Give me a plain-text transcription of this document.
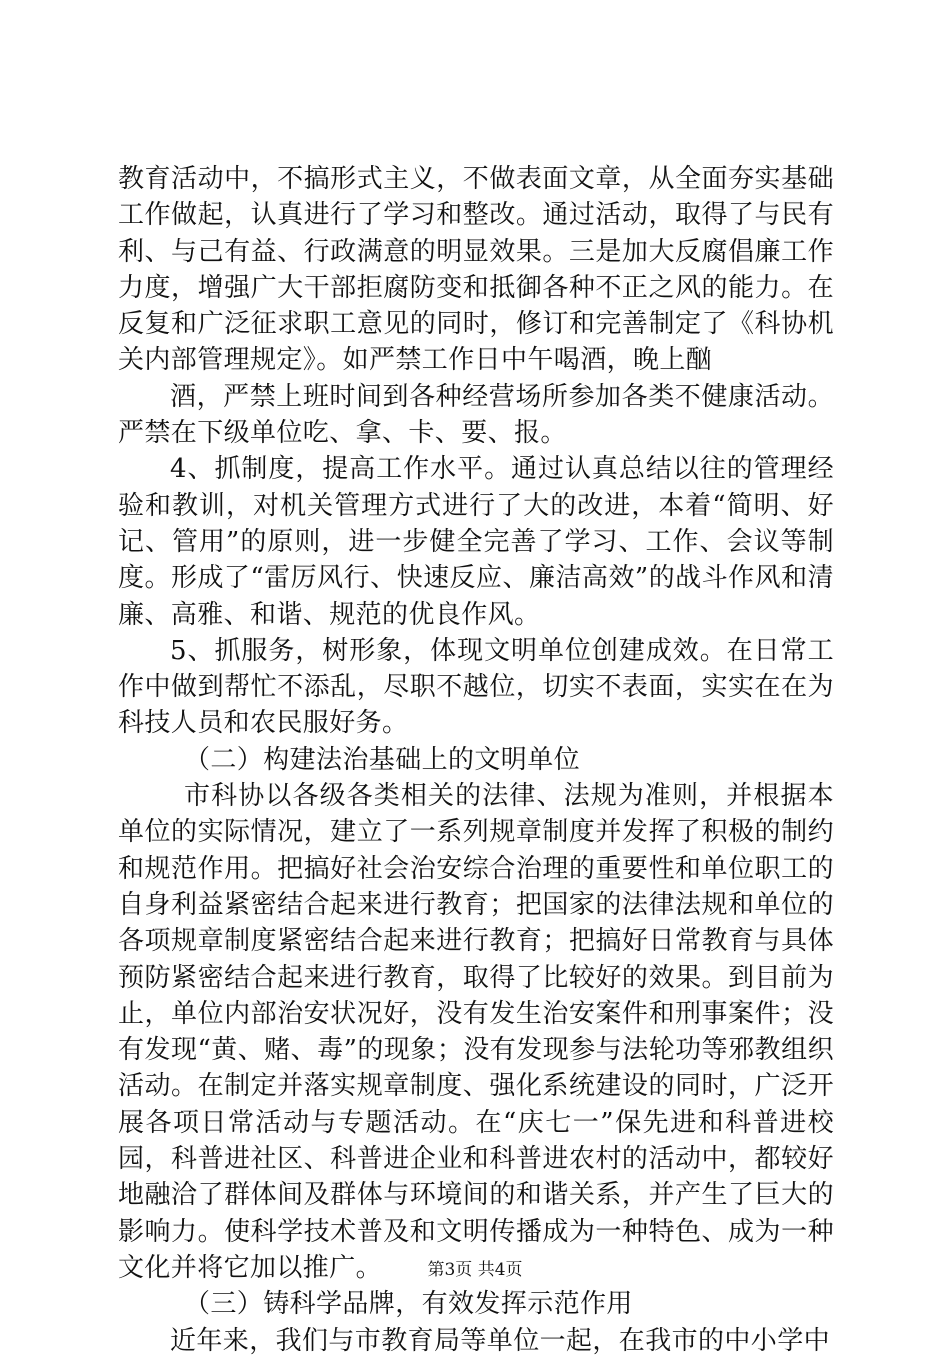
教育活动中，不搞形式主义，不做表面文章，从全面夯实基础工作做起，认真进行了学习和整改。通过活动，取得了与民有利、与己有益、行政满意的明显效果。三是加大反腐倡廉工作力度，增强广大干部拒腐防变和抵御各种不正之风的能力。在反复和广泛征求职工意见的同时，修订和完善制定了《科协机关内部管理规定》。如严禁工作日中午喝酒，晚上酗

酒，严禁上班时间到各种经营场所参加各类不健康活动。严禁在下级单位吃、拿、卡、要、报。

4、抓制度，提高工作水平。通过认真总结以往的管理经验和教训，对机关管理方式进行了大的改进，本着“简明、好记、管用”的原则，进一步健全完善了学习、工作、会议等制度。形成了“雷厉风行、快速反应、廉洁高效”的战斗作风和清廉、高雅、和谐、规范的优良作风。

5、抓服务，树形象，体现文明单位创建成效。在日常工作中做到帮忙不添乱，尽职不越位，切实不表面，实实在在为科技人员和农民服好务。

（二）构建法治基础上的文明单位

市科协以各级各类相关的法律、法规为准则，并根据本单位的实际情况，建立了一系列规章制度并发挥了积极的制约和规范作用。把搞好社会治安综合治理的重要性和单位职工的自身利益紧密结合起来进行教育；把国家的法律法规和单位的各项规章制度紧密结合起来进行教育；把搞好日常教育与具体预防紧密结合起来进行教育，取得了比较好的效果。到目前为止，单位内部治安状况好，没有发生治安案件和刑事案件；没有发现“黄、赌、毒”的现象；没有发现参与法轮功等邪教组织活动。在制定并落实规章制度、强化系统建设的同时，广泛开展各项日常活动与专题活动。在“庆七一”保先进和科普进校园，科普进社区、科普进企业和科普进农村的活动中，都较好地融洽了群体间及群体与环境间的和谐关系，并产生了巨大的影响力。使科学技术普及和文明传播成为一种特色、成为一种文化并将它加以推广。

（三）铸科学品牌，有效发挥示范作用

近年来，我们与市教育局等单位一起，在我市的中小学中

第3页 共4页
